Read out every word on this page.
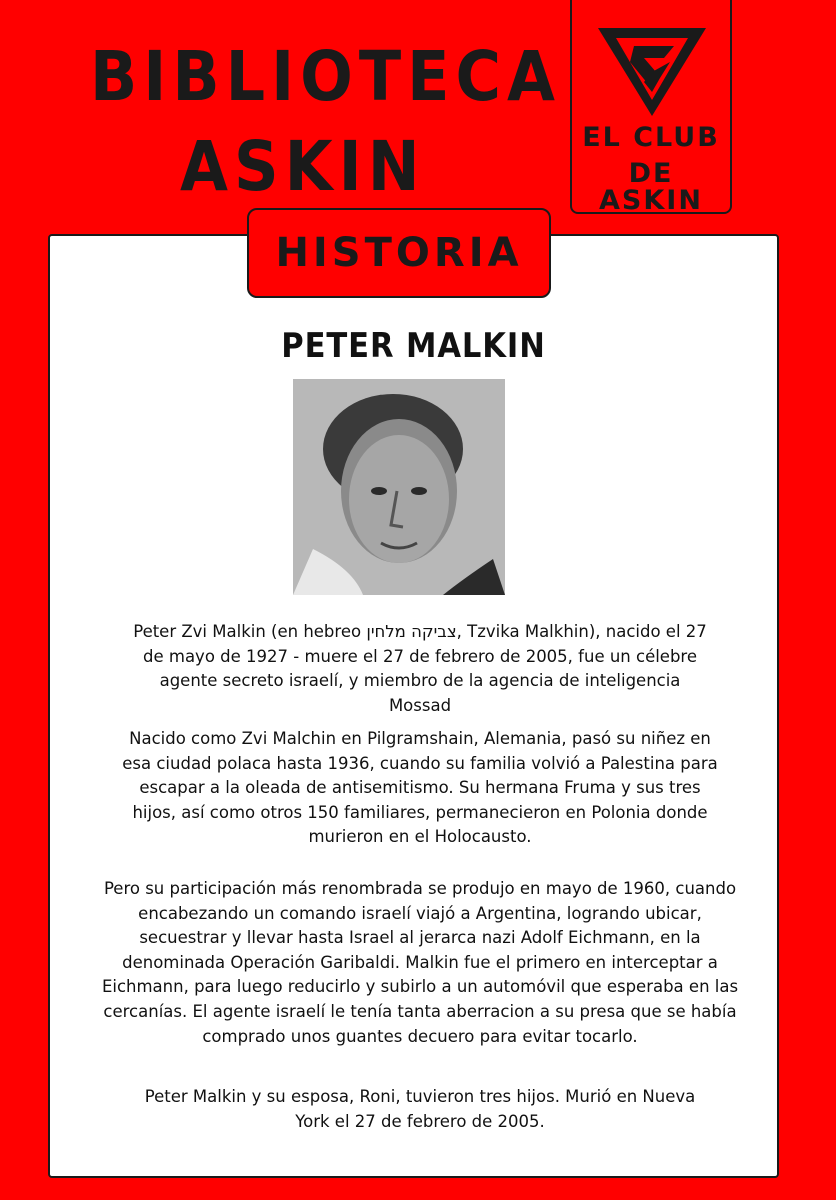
BIBLIOTECA
ASKIN	EL CLUB
DE ASKIN
HISTORIA
PETER MALKIN
Peter Zvi Malkin (en hebreo צביקה מלחין, Tzvika Malkhin), nacido el 27 de mayo de 1927 - muere el 27 de febrero de 2005, fue un célebre agente secreto israelí, y miembro de la agencia de inteligencia Mossad
Nacido como Zvi Malchin en Pilgramshain, Alemania, pasó su niñez en esa ciudad polaca hasta 1936, cuando su familia volvió a Palestina para escapar a la oleada de antisemitismo. Su hermana Fruma y sus tres hijos, así como otros 150 familiares, permanecieron en Polonia donde murieron en el Holocausto.
Pero su participación más renombrada se produjo en mayo de 1960, cuando encabezando un comando israelí viajó a Argentina, logrando ubicar, secuestrar y llevar hasta Israel al jerarca nazi Adolf Eichmann, en la denominada Operación Garibaldi. Malkin fue el primero en interceptar a Eichmann, para luego reducirlo y subirlo a un automóvil que esperaba en las cercanías. El agente israelí le tenía tanta aberracion a su presa que se había comprado unos guantes decuero para evitar tocarlo.
Peter Malkin y su esposa, Roni, tuvieron tres hijos. Murió en Nueva York el 27 de febrero de 2005.
